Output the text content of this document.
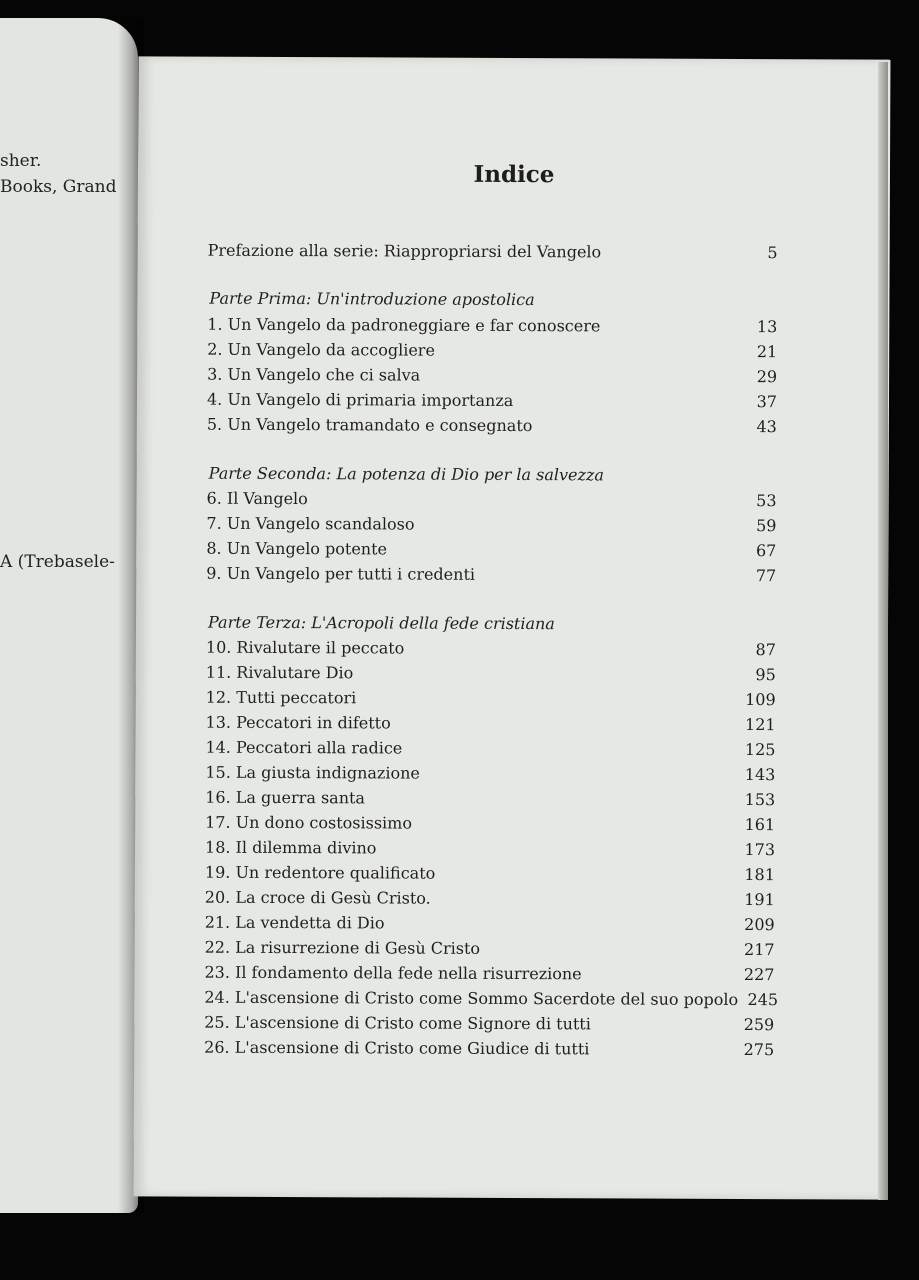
sher.
Books, Grand
A (Trebasele-
Indice
Prefazione alla serie: Riappropriarsi del Vangelo	5
Parte Prima: Un'introduzione apostolica
1. Un Vangelo da padroneggiare e far conoscere	13
2. Un Vangelo da accogliere	21
3. Un Vangelo che ci salva	29
4. Un Vangelo di primaria importanza	37
5. Un Vangelo tramandato e consegnato	43
Parte Seconda: La potenza di Dio per la salvezza
6. Il Vangelo	53
7. Un Vangelo scandaloso	59
8. Un Vangelo potente	67
9. Un Vangelo per tutti i credenti	77
Parte Terza: L'Acropoli della fede cristiana
10. Rivalutare il peccato	87
11. Rivalutare Dio	95
12. Tutti peccatori	109
13. Peccatori in difetto	121
14. Peccatori alla radice	125
15. La giusta indignazione	143
16. La guerra santa	153
17. Un dono costosissimo	161
18. Il dilemma divino	173
19. Un redentore qualificato	181
20. La croce di Gesù Cristo.	191
21. La vendetta di Dio	209
22. La risurrezione di Gesù Cristo	217
23. Il fondamento della fede nella risurrezione	227
24. L'ascensione di Cristo come Sommo Sacerdote del suo popolo 245
25. L'ascensione di Cristo come Signore di tutti	259
26. L'ascensione di Cristo come Giudice di tutti	275
